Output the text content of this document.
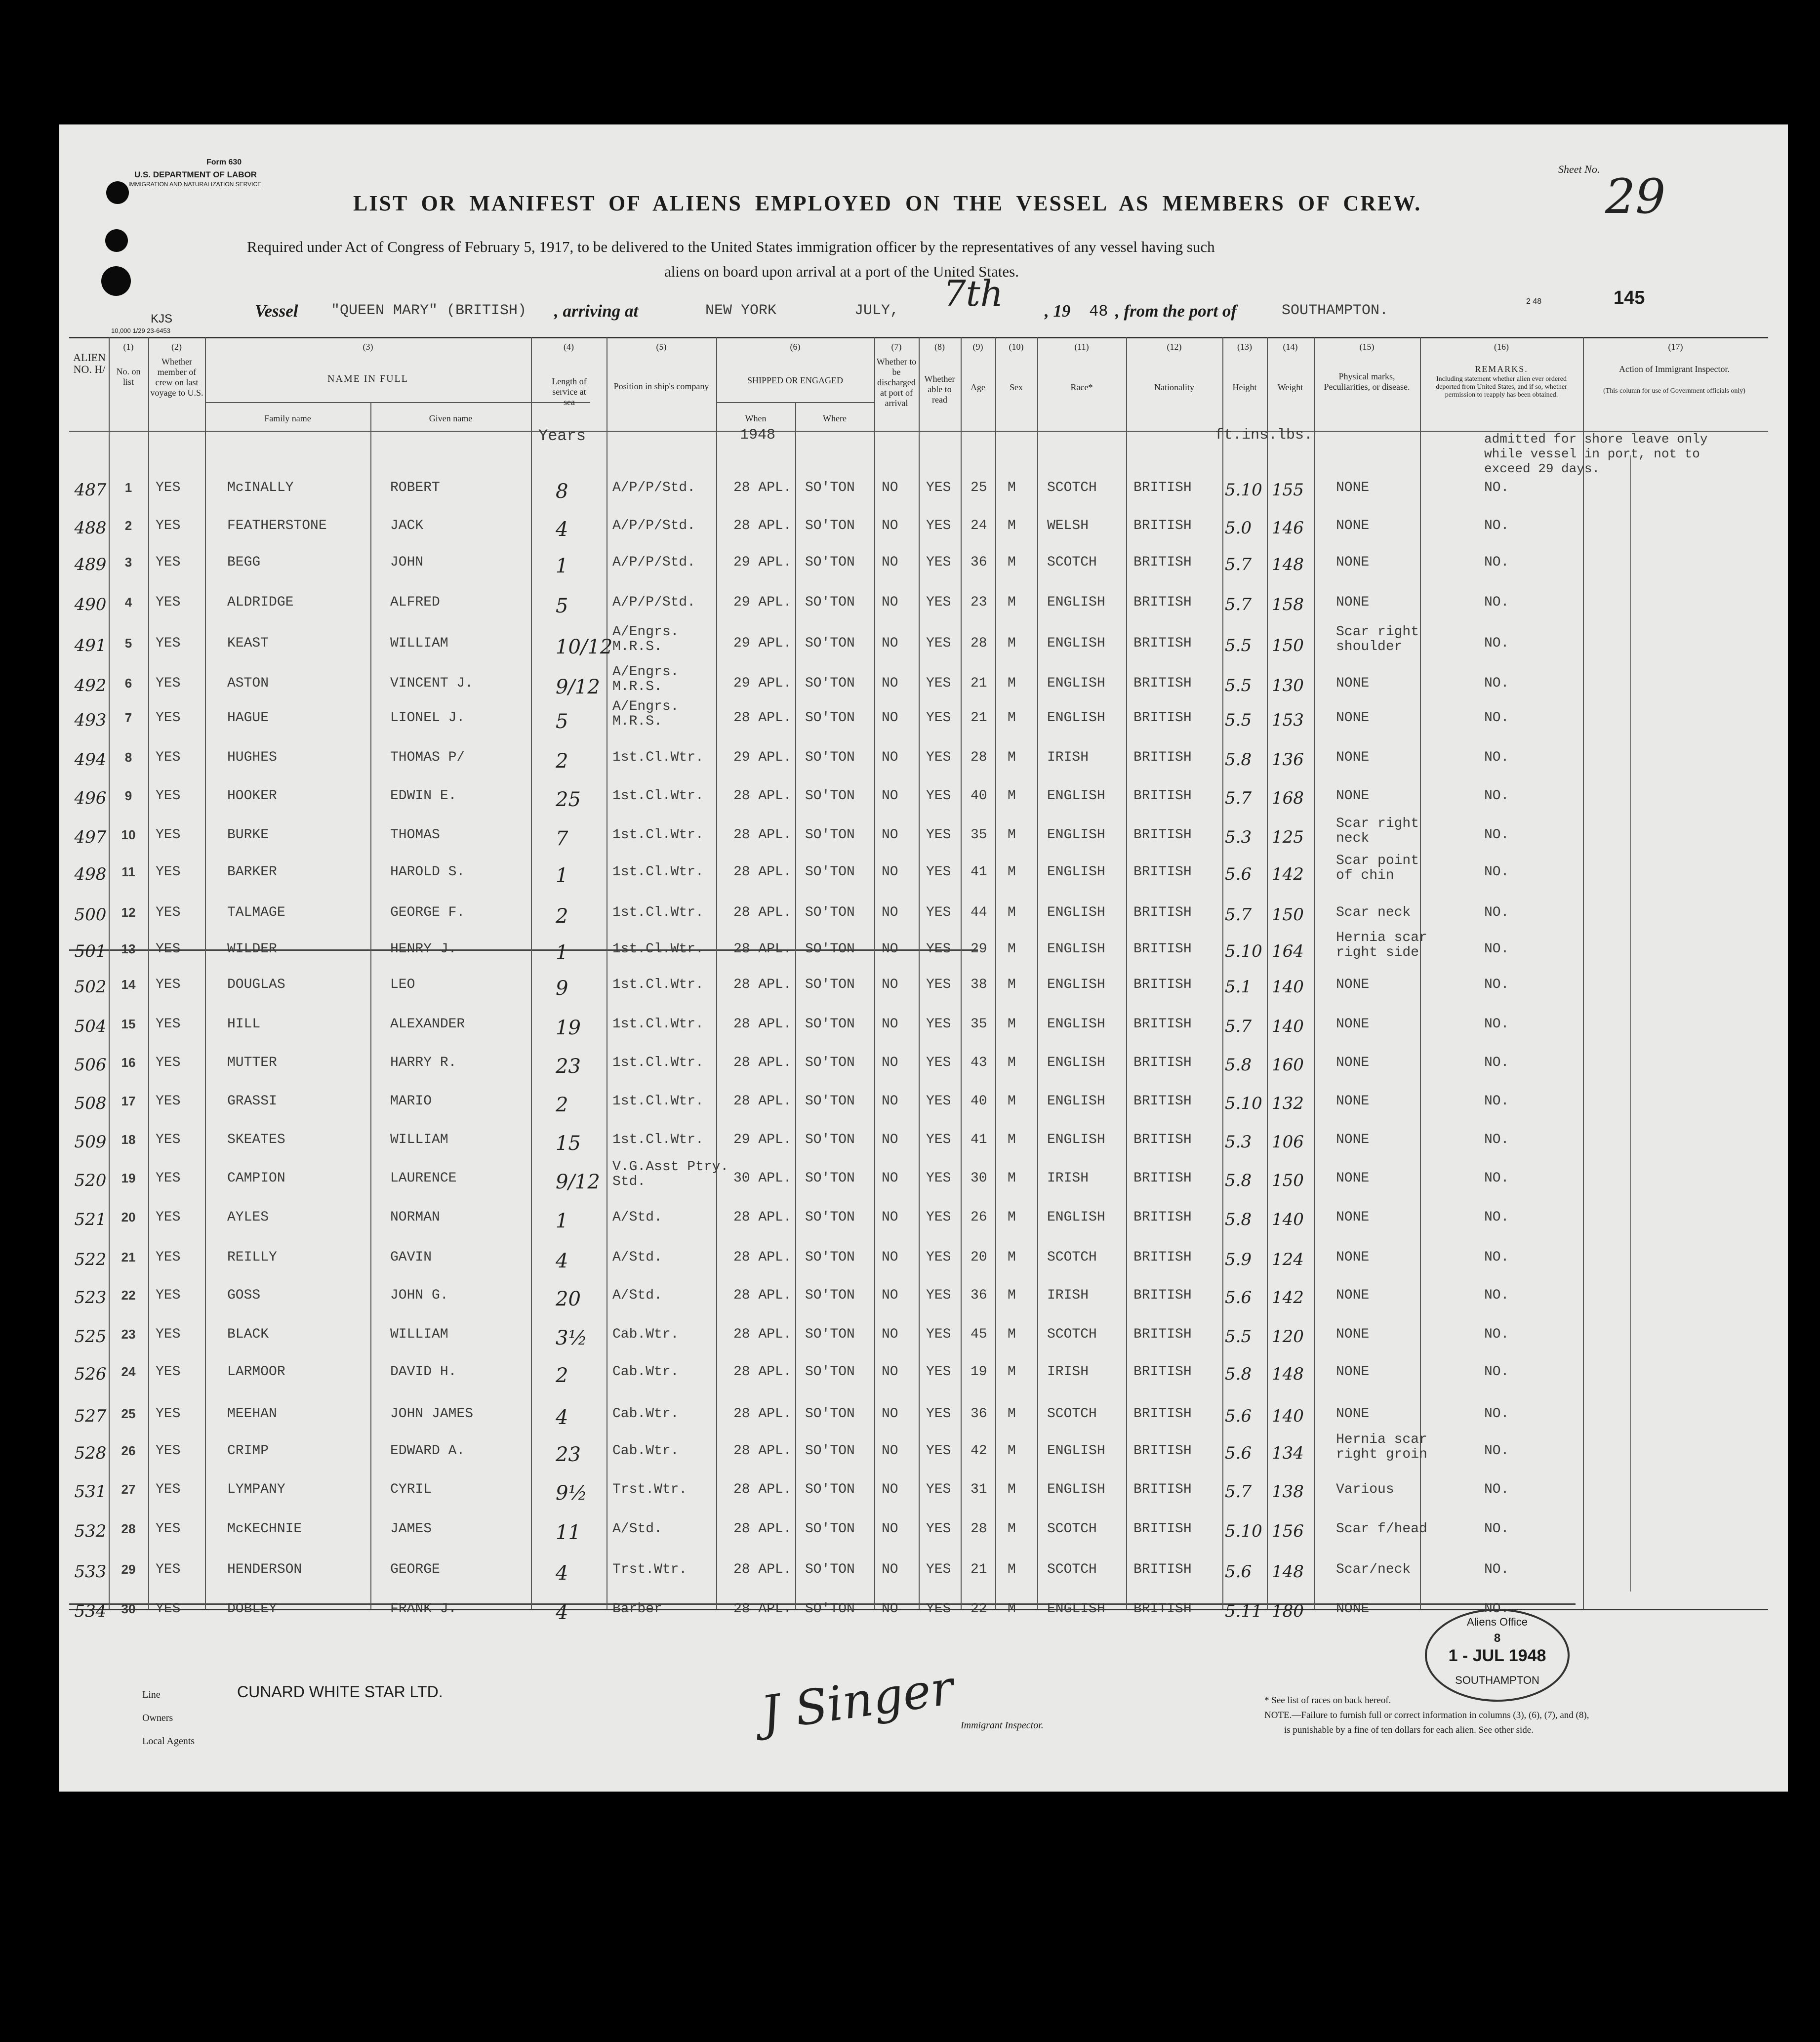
Form 630
U.S. DEPARTMENT OF LABOR
IMMIGRATION AND NATURALIZATION SERVICE
KJS
10,000 1/29 23-6453
Sheet No. 29
145
2 48
LIST OR MANIFEST OF ALIENS EMPLOYED ON THE VESSEL AS MEMBERS OF CREW.
Required under Act of Congress of February 5, 1917, to be delivered to the United States immigration officer by the representatives of any vessel having such
aliens on board upon arrival at a port of the United States.
Vessel "QUEEN MARY" (BRITISH) , arriving at	NEW YORK	JULY, 7th , 19 48 , from the port of	SOUTHAMPTON.
ALIEN NO. H/
(1)
No. on list
(2)
Whether member of crew on last voyage to U.S.
(3)
NAME IN FULL
Family name	Given name
(4)
Length of service at sea
(5)
Position in ship's company
(6)
SHIPPED OR ENGAGED
When	Where
(7)
Whether to be discharged at port of arrival
(8)
Whether able to read
(9)
Age
(10)
Sex
(11)
Race*
(12)
Nationality
(13)
Height
(14)
Weight
(15)
Physical marks, Peculiarities, or disease.
(16)
REMARKS.
Including statement whether alien ever ordered deported from United States, and if so, whether permission to reapply has been obtained.
(17)
Action of Immigrant Inspector.
(This column for use of Government officials only)
Years	1948	ft.ins.lbs.	admitted for shore leave only
while vessel in port, not to
exceed 29 days.
487	1	YES	McINALLY	ROBERT	8	A/P/P/Std.	28 APL. SO'TON NO YES 25 M SCOTCH	BRITISH 5.10 155 NONE	NO.
488	2	YES	FEATHERSTONE	JACK	4	A/P/P/Std.	28 APL. SO'TON NO YES 24 M WELSH	BRITISH 5.0 146 NONE	NO.
489	3	YES	BEGG	JOHN	1	A/P/P/Std.	29 APL. SO'TON NO YES 36 M SCOTCH	BRITISH 5.7 148 NONE	NO.
490	4	YES	ALDRIDGE	ALFRED	5	A/P/P/Std.	29 APL. SO'TON NO YES 23 M ENGLISH BRITISH 5.7 158 NONE	NO.
491	5	YES	KEAST	WILLIAM	10/12
A/Engrs.
M.R.S.	29 APL. SO'TON NO YES 28 M ENGLISH BRITISH 5.5 150
Scar right
shoulder	NO.
492	6	YES	ASTON	VINCENT J.	9/12
A/Engrs.
M.R.S.	29 APL. SO'TON NO YES 21 M ENGLISH BRITISH 5.5 130 NONE	NO.
493	7	YES	HAGUE	LIONEL J.	5
A/Engrs.
M.R.S.	28 APL. SO'TON NO YES 21 M ENGLISH BRITISH 5.5 153 NONE	NO.
494	8	YES	HUGHES	THOMAS P/	2	1st.Cl.Wtr. 29 APL. SO'TON NO YES 28 M IRISH	BRITISH 5.8 136 NONE	NO.
496	9	YES	HOOKER	EDWIN E.	25 1st.Cl.Wtr. 28 APL. SO'TON NO YES 40 M ENGLISH BRITISH 5.7 168 NONE	NO.
497	10	YES	BURKE	THOMAS	7	1st.Cl.Wtr. 28 APL. SO'TON NO YES 35 M ENGLISH BRITISH 5.3 125
Scar right
neck	NO.
498	11	YES	BARKER	HAROLD S.	1	1st.Cl.Wtr. 28 APL. SO'TON NO YES 41 M ENGLISH BRITISH 5.6 142
Scar point
of chin	NO.
500	12	YES	TALMAGE	GEORGE F.	2	1st.Cl.Wtr. 28 APL. SO'TON NO YES 44 M ENGLISH BRITISH 5.7 150 Scar neck	NO.
501	13	YES	WILDER	HENRY J.	1	1st.Cl.Wtr. 28 APL. SO'TON NO YES 29 M ENGLISH BRITISH 5.10 164
Hernia scar
right side	NO.
502	14	YES	DOUGLAS	LEO	9	1st.Cl.Wtr. 28 APL. SO'TON NO YES 38 M ENGLISH BRITISH 5.1 140 NONE	NO.
504	15	YES	HILL	ALEXANDER	19 1st.Cl.Wtr. 28 APL. SO'TON NO YES 35 M ENGLISH BRITISH 5.7 140 NONE	NO.
506	16	YES	MUTTER	HARRY R.	23 1st.Cl.Wtr. 28 APL. SO'TON NO YES 43 M ENGLISH BRITISH 5.8 160 NONE	NO.
508	17	YES	GRASSI	MARIO	2	1st.Cl.Wtr. 28 APL. SO'TON NO YES 40 M ENGLISH BRITISH 5.10 132 NONE	NO.
509	18	YES	SKEATES	WILLIAM	15 1st.Cl.Wtr. 29 APL. SO'TON NO YES 41 M ENGLISH BRITISH 5.3 106 NONE	NO.
520	19	YES	CAMPION	LAURENCE	9/12
V.G.Asst Ptry.
Std.	30 APL. SO'TON NO YES 30 M IRISH	BRITISH 5.8 150 NONE	NO.
521	20	YES	AYLES	NORMAN	1	A/Std.	28 APL. SO'TON NO YES 26 M ENGLISH BRITISH 5.8 140 NONE	NO.
522	21	YES	REILLY	GAVIN	4	A/Std.	28 APL. SO'TON NO YES 20 M SCOTCH	BRITISH 5.9 124 NONE	NO.
523	22	YES	GOSS	JOHN G.	20 A/Std.	28 APL. SO'TON NO YES 36 M IRISH	BRITISH 5.6 142 NONE	NO.
525	23	YES	BLACK	WILLIAM	3½ Cab.Wtr.	28 APL. SO'TON NO YES 45 M SCOTCH	BRITISH 5.5 120 NONE	NO.
526	24	YES	LARMOOR	DAVID H.	2	Cab.Wtr.	28 APL. SO'TON NO YES 19 M IRISH	BRITISH 5.8 148 NONE	NO.
527	25	YES	MEEHAN	JOHN JAMES	4	Cab.Wtr.	28 APL. SO'TON NO YES 36 M SCOTCH	BRITISH 5.6 140 NONE	NO.
528	26	YES	CRIMP	EDWARD A.	23 Cab.Wtr.	28 APL. SO'TON NO YES 42 M ENGLISH BRITISH 5.6 134
Hernia scar
right groin	NO.
531	27	YES	LYMPANY	CYRIL	9½ Trst.Wtr.	28 APL. SO'TON NO YES 31 M ENGLISH BRITISH 5.7 138 Various	NO.
532	28	YES	McKECHNIE	JAMES	11 A/Std.	28 APL. SO'TON NO YES 28 M SCOTCH	BRITISH 5.10 156 Scar f/head	NO.
533	29	YES	HENDERSON	GEORGE	4	Trst.Wtr.	28 APL. SO'TON NO YES 21 M SCOTCH	BRITISH 5.6 148 Scar/neck	NO.
534	30	YES	DOBLEY	FRANK J.	4	Barber	28 APL. SO'TON NO YES 22 M ENGLISH BRITISH 5.11 180 NONE	NO.
Line	CUNARD WHITE STAR LTD.
Owners
Local Agents	J Singer Immigrant Inspector.
* See list of races on back hereof.
NOTE.—Failure to furnish full or correct information in columns (3), (6), (7), and (8),
is punishable by a fine of ten dollars for each alien. See other side.
Aliens Office
8
1 - JUL 1948
SOUTHAMPTON
